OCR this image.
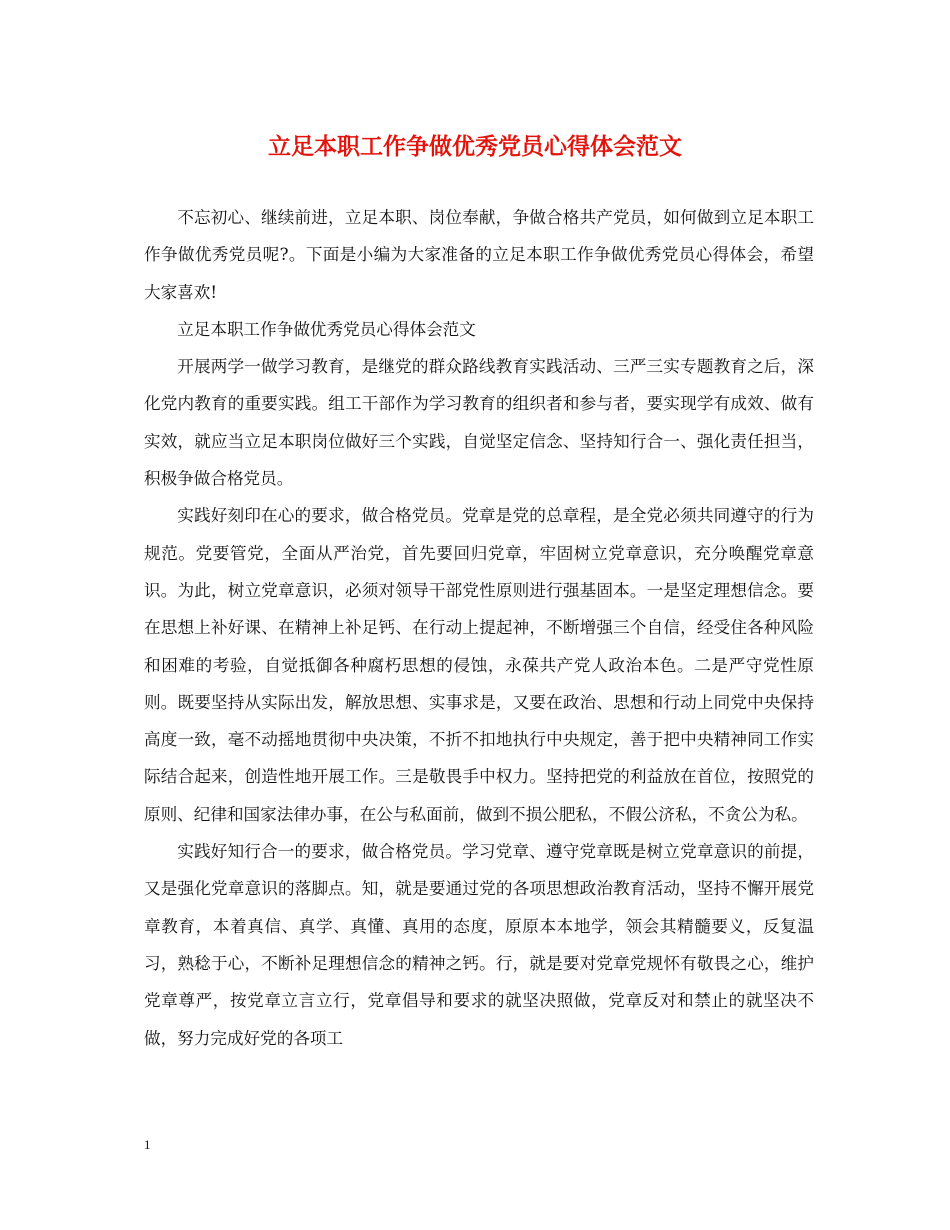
立足本职工作争做优秀党员心得体会范文

不忘初心、继续前进，立足本职、岗位奉献，争做合格共产党员，如何做到立足本职工作争做优秀党员呢?。下面是小编为大家准备的立足本职工作争做优秀党员心得体会，希望大家喜欢!

立足本职工作争做优秀党员心得体会范文

开展两学一做学习教育，是继党的群众路线教育实践活动、三严三实专题教育之后，深化党内教育的重要实践。组工干部作为学习教育的组织者和参与者，要实现学有成效、做有实效，就应当立足本职岗位做好三个实践，自觉坚定信念、坚持知行合一、强化责任担当，积极争做合格党员。

实践好刻印在心的要求，做合格党员。党章是党的总章程，是全党必须共同遵守的行为规范。党要管党，全面从严治党，首先要回归党章，牢固树立党章意识，充分唤醒党章意识。为此，树立党章意识，必须对领导干部党性原则进行强基固本。一是坚定理想信念。要在思想上补好课、在精神上补足钙、在行动上提起神，不断增强三个自信，经受住各种风险和困难的考验，自觉抵御各种腐朽思想的侵蚀，永葆共产党人政治本色。二是严守党性原则。既要坚持从实际出发，解放思想、实事求是，又要在政治、思想和行动上同党中央保持高度一致，毫不动摇地贯彻中央决策，不折不扣地执行中央规定，善于把中央精神同工作实际结合起来，创造性地开展工作。三是敬畏手中权力。坚持把党的利益放在首位，按照党的原则、纪律和国家法律办事，在公与私面前，做到不损公肥私，不假公济私，不贪公为私。

实践好知行合一的要求，做合格党员。学习党章、遵守党章既是树立党章意识的前提，又是强化党章意识的落脚点。知，就是要通过党的各项思想政治教育活动，坚持不懈开展党章教育，本着真信、真学、真懂、真用的态度，原原本本地学，领会其精髓要义，反复温习，熟稔于心，不断补足理想信念的精神之钙。行，就是要对党章党规怀有敬畏之心，维护党章尊严，按党章立言立行，党章倡导和要求的就坚决照做，党章反对和禁止的就坚决不做，努力完成好党的各项工

1
